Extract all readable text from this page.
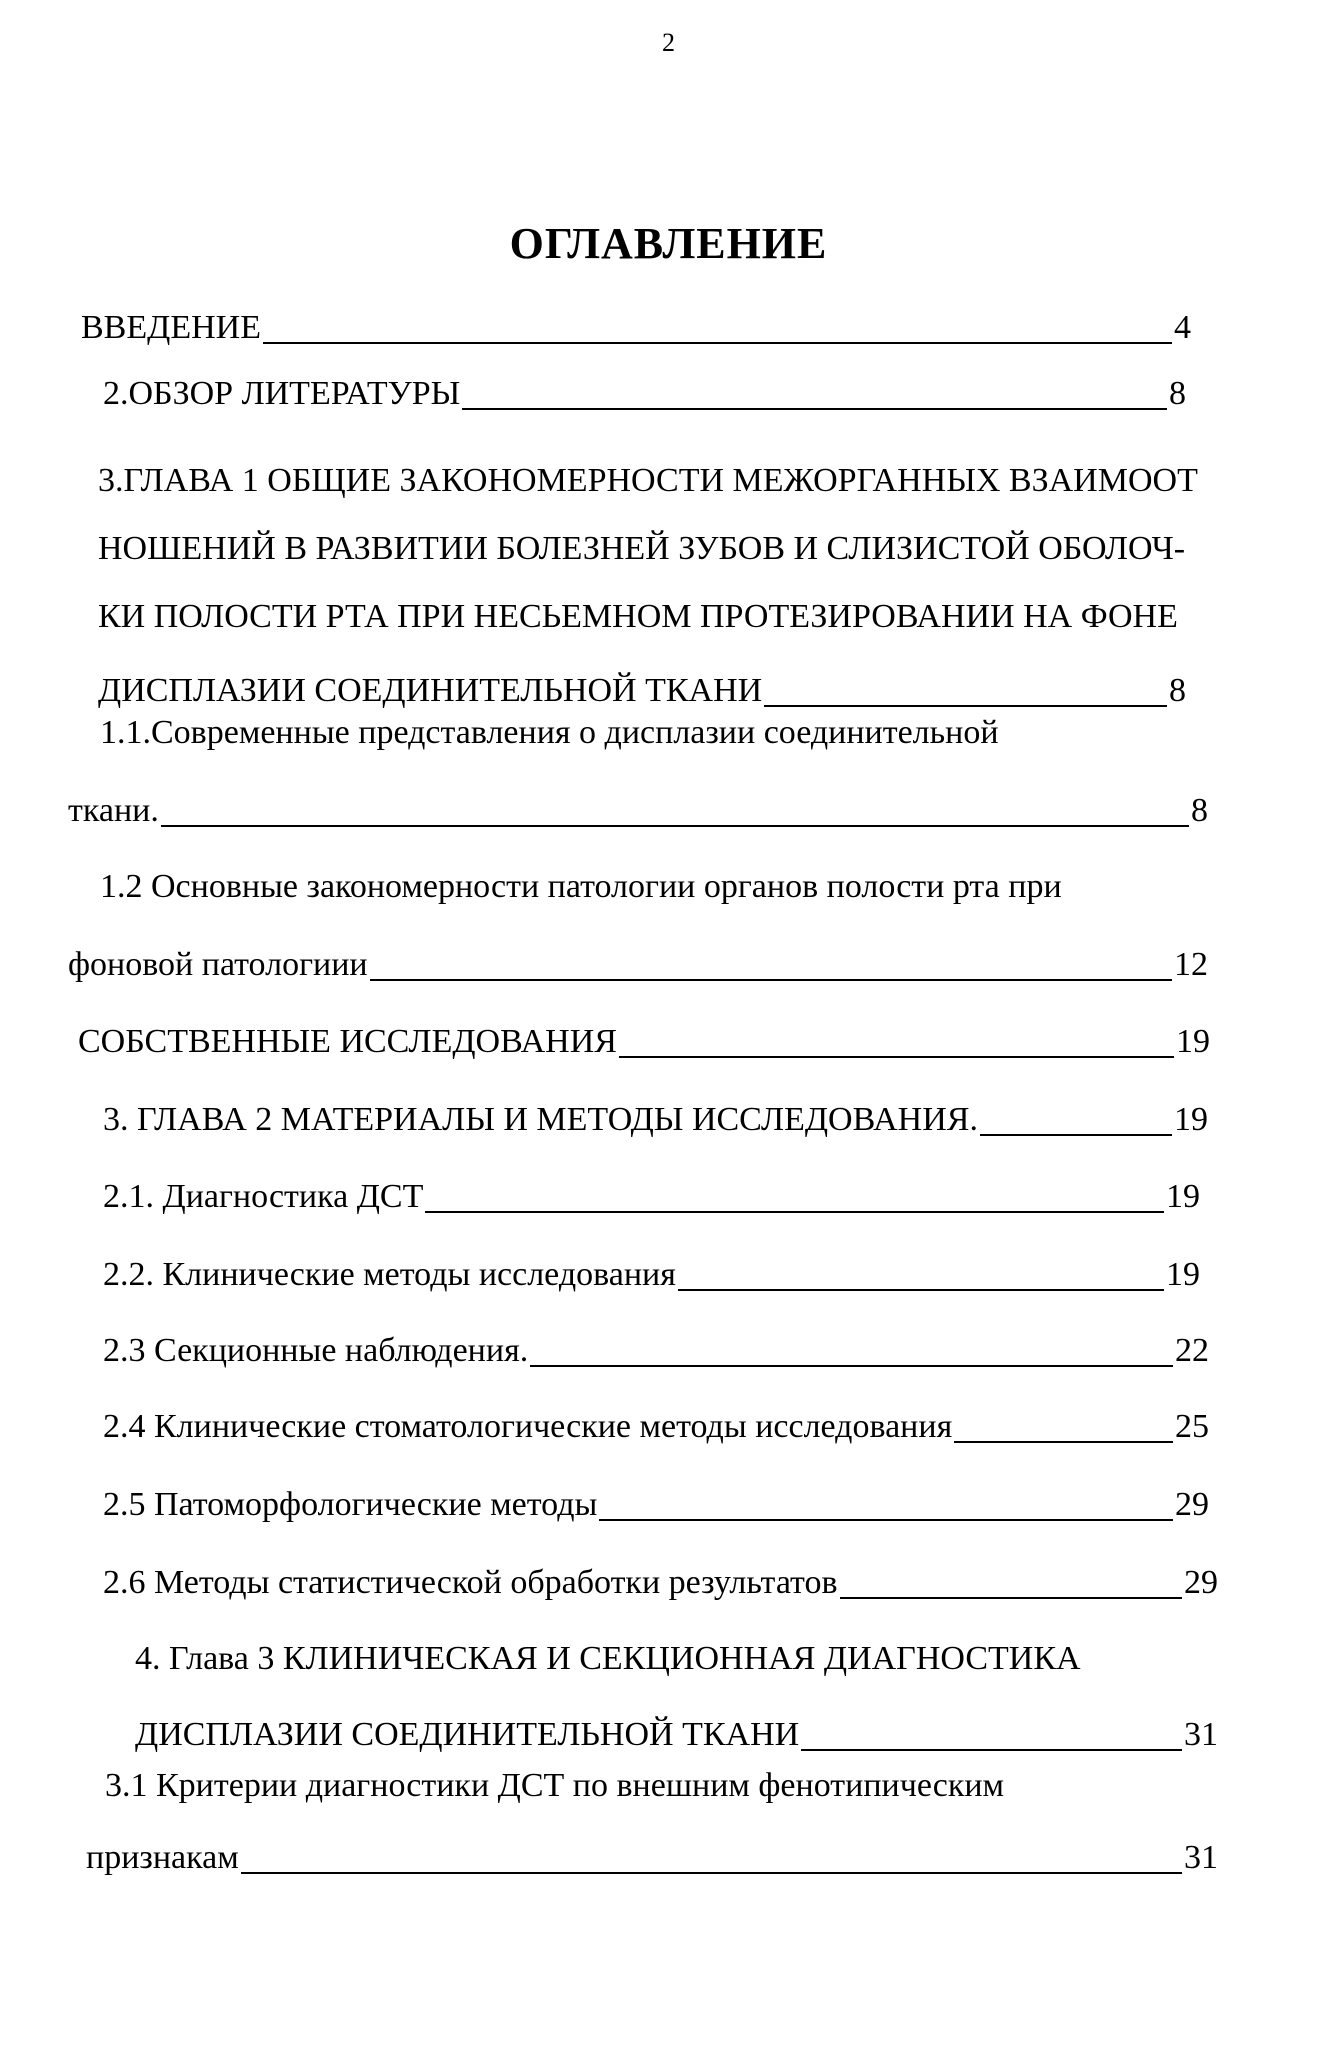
2
ОГЛАВЛЕНИЕ
ВВЕДЕНИЕ	4
2.ОБЗОР ЛИТЕРАТУРЫ	8
3.ГЛАВА 1 ОБЩИЕ ЗАКОНОМЕРНОСТИ МЕЖОРГАННЫХ ВЗАИМООТ
НОШЕНИЙ В РАЗВИТИИ БОЛЕЗНЕЙ ЗУБОВ И СЛИЗИСТОЙ ОБОЛОЧ-
КИ ПОЛОСТИ РТА ПРИ НЕСЬЕМНОМ ПРОТЕЗИРОВАНИИ НА ФОНЕ
ДИСПЛАЗИИ СОЕДИНИТЕЛЬНОЙ ТКАНИ	8
1.1.Современные представления о дисплазии соединительной
ткани.	8
1.2 Основные закономерности патологии органов полости рта при
фоновой патологиии	12
СОБСТВЕННЫЕ ИССЛЕДОВАНИЯ	19
3. ГЛАВА 2 МАТЕРИАЛЫ И МЕТОДЫ ИССЛЕДОВАНИЯ.	19
2.1. Диагностика ДСТ	19
2.2. Клинические методы исследования	19
2.3 Секционные наблюдения.	22
2.4 Клинические стоматологические методы исследования	25
2.5 Патоморфологические методы	29
2.6 Методы статистической обработки результатов	29
4. Глава 3 КЛИНИЧЕСКАЯ И СЕКЦИОННАЯ ДИАГНОСТИКА
ДИСПЛАЗИИ СОЕДИНИТЕЛЬНОЙ ТКАНИ	31
3.1 Критерии диагностики ДСТ по внешним фенотипическим
признакам	31
